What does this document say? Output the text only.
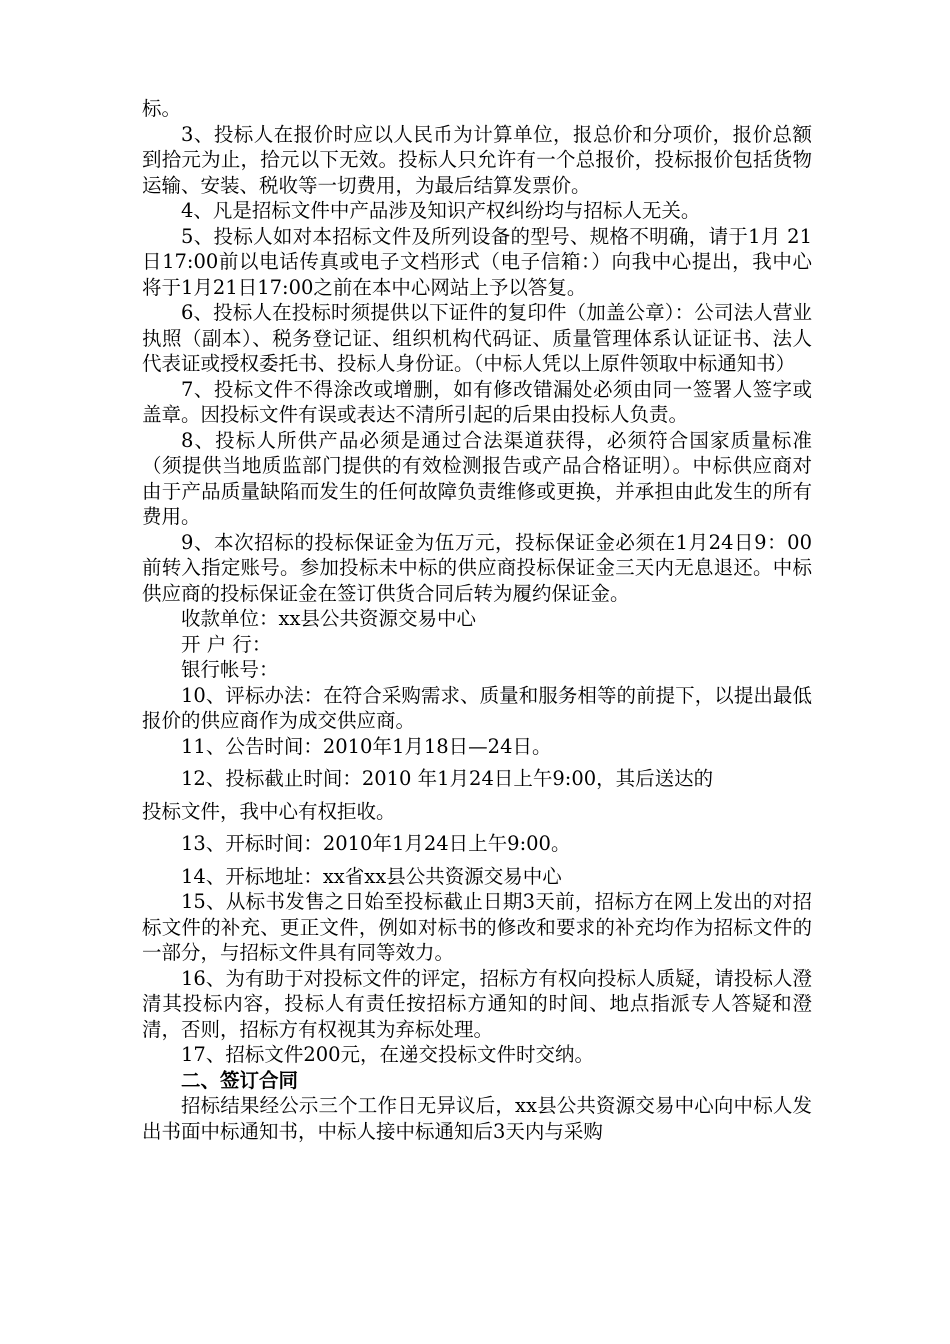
标。

3、投标人在报价时应以人民币为计算单位，报总价和分项价，报价总额到拾元为止，拾元以下无效。投标人只允许有一个总报价，投标报价包括货物运输、安装、税收等一切费用，为最后结算发票价。

4、凡是招标文件中产品涉及知识产权纠纷均与招标人无关。

5、投标人如对本招标文件及所列设备的型号、规格不明确，请于1月 21日17:00前以电话传真或电子文档形式（电子信箱：）向我中心提出，我中心将于1月21日17:00之前在本中心网站上予以答复。

6、投标人在投标时须提供以下证件的复印件（加盖公章）：公司法人营业执照（副本）、税务登记证、组织机构代码证、质量管理体系认证证书、法人代表证或授权委托书、投标人身份证。（中标人凭以上原件领取中标通知书）

7、投标文件不得涂改或增删，如有修改错漏处必须由同一签署人签字或盖章。因投标文件有误或表达不清所引起的后果由投标人负责。

8、投标人所供产品必须是通过合法渠道获得，必须符合国家质量标准（须提供当地质监部门提供的有效检测报告或产品合格证明）。中标供应商对由于产品质量缺陷而发生的任何故障负责维修或更换，并承担由此发生的所有费用。

9、本次招标的投标保证金为伍万元，投标保证金必须在1月24日9：00前转入指定账号。参加投标未中标的供应商投标保证金三天内无息退还。中标供应商的投标保证金在签订供货合同后转为履约保证金。

收款单位：xx县公共资源交易中心

开 户 行：

银行帐号：

10、评标办法：在符合采购需求、质量和服务相等的前提下，以提出最低报价的供应商作为成交供应商。

11、公告时间：2010年1月18日—24日。

12、投标截止时间：2010 年1月24日上午9:00，其后送达的

投标文件，我中心有权拒收。

13、开标时间：2010年1月24日上午9:00。

14、开标地址：xx省xx县公共资源交易中心

15、从标书发售之日始至投标截止日期3天前，招标方在网上发出的对招标文件的补充、更正文件，例如对标书的修改和要求的补充均作为招标文件的一部分，与招标文件具有同等效力。

16、为有助于对投标文件的评定，招标方有权向投标人质疑，请投标人澄清其投标内容，投标人有责任按招标方通知的时间、地点指派专人答疑和澄清，否则，招标方有权视其为弃标处理。

17、招标文件200元，在递交投标文件时交纳。

二、签订合同

招标结果经公示三个工作日无异议后，xx县公共资源交易中心向中标人发出书面中标通知书，中标人接中标通知后3天内与采购
